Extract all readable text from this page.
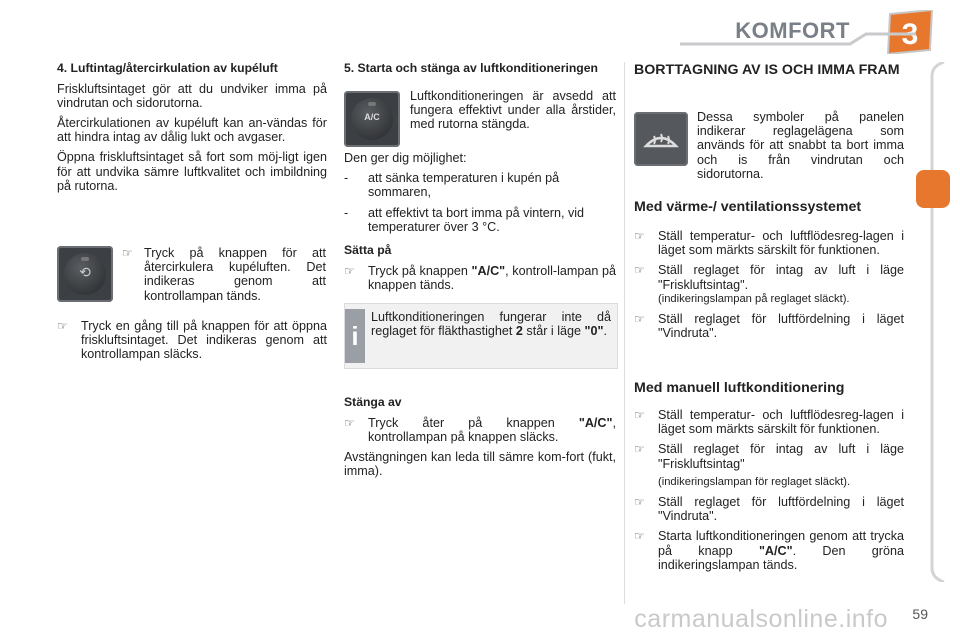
KOMFORT 3
4. Luftintag/återcirkulation av kupéluft

Friskluftsintaget gör att du undviker imma på vindrutan och sidorutorna.

Återcirkulationen av kupéluft kan an-vändas för att hindra intag av dålig lukt och avgaser.

Öppna friskluftsintaget så fort som möj-ligt igen för att undvika sämre luftkvalitet och imbildning på rutorna.

⟲
☞ Tryck på knappen för att återcirkulera kupéluften. Det indikeras genom att kontrollampan tänds.
☞ Tryck en gång till på knappen för att öppna friskluftsintaget. Det indikeras genom att kontrollampan släcks.
5. Starta och stänga av luftkonditioneringen
A/C

Luftkonditioneringen är avsedd att fungera effektivt under alla årstider, med rutorna stängda.

Den ger dig möjlighet:

- att sänka temperaturen i kupén på sommaren,
- att effektivt ta bort imma på vintern, vid temperaturer över 3 °C.
Sätta på
☞ Tryck på knappen "A/C", kontroll-lampan på knappen tänds.
i
Luftkonditioneringen fungerar inte då reglaget för fläkthastighet 2 står i läge "0".
Stänga av
☞ Tryck åter på knappen "A/C", kontrollampan på knappen släcks.

Avstängningen kan leda till sämre kom-fort (fukt, imma).

BORTTAGNING AV IS OCH IMMA FRAM

Dessa symboler på panelen indikerar reglagelägena som används för att snabbt ta bort imma och is från vindrutan och sidorutorna.

Med värme-/ ventilationssystemet
☞ Ställ temperatur- och luftflödesreg-lagen i läget som märkts särskilt för funktionen.
☞ Ställ reglaget för intag av luft i läge "Friskluftsintag".
(indikeringslampan på reglaget släckt).
☞ Ställ reglaget för luftfördelning i läget "Vindruta".
Med manuell luftkonditionering
☞ Ställ temperatur- och luftflödesreg-lagen i läget som märkts särskilt för funktionen.
☞ Ställ reglaget för intag av luft i läge "Friskluftsintag"
(indikeringslampan för reglaget släckt).
☞ Ställ reglaget för luftfördelning i läget "Vindruta".
☞ Starta luftkonditioneringen genom att trycka på knapp "A/C". Den gröna indikeringslampan tänds.
carmanualsonline.info 59
